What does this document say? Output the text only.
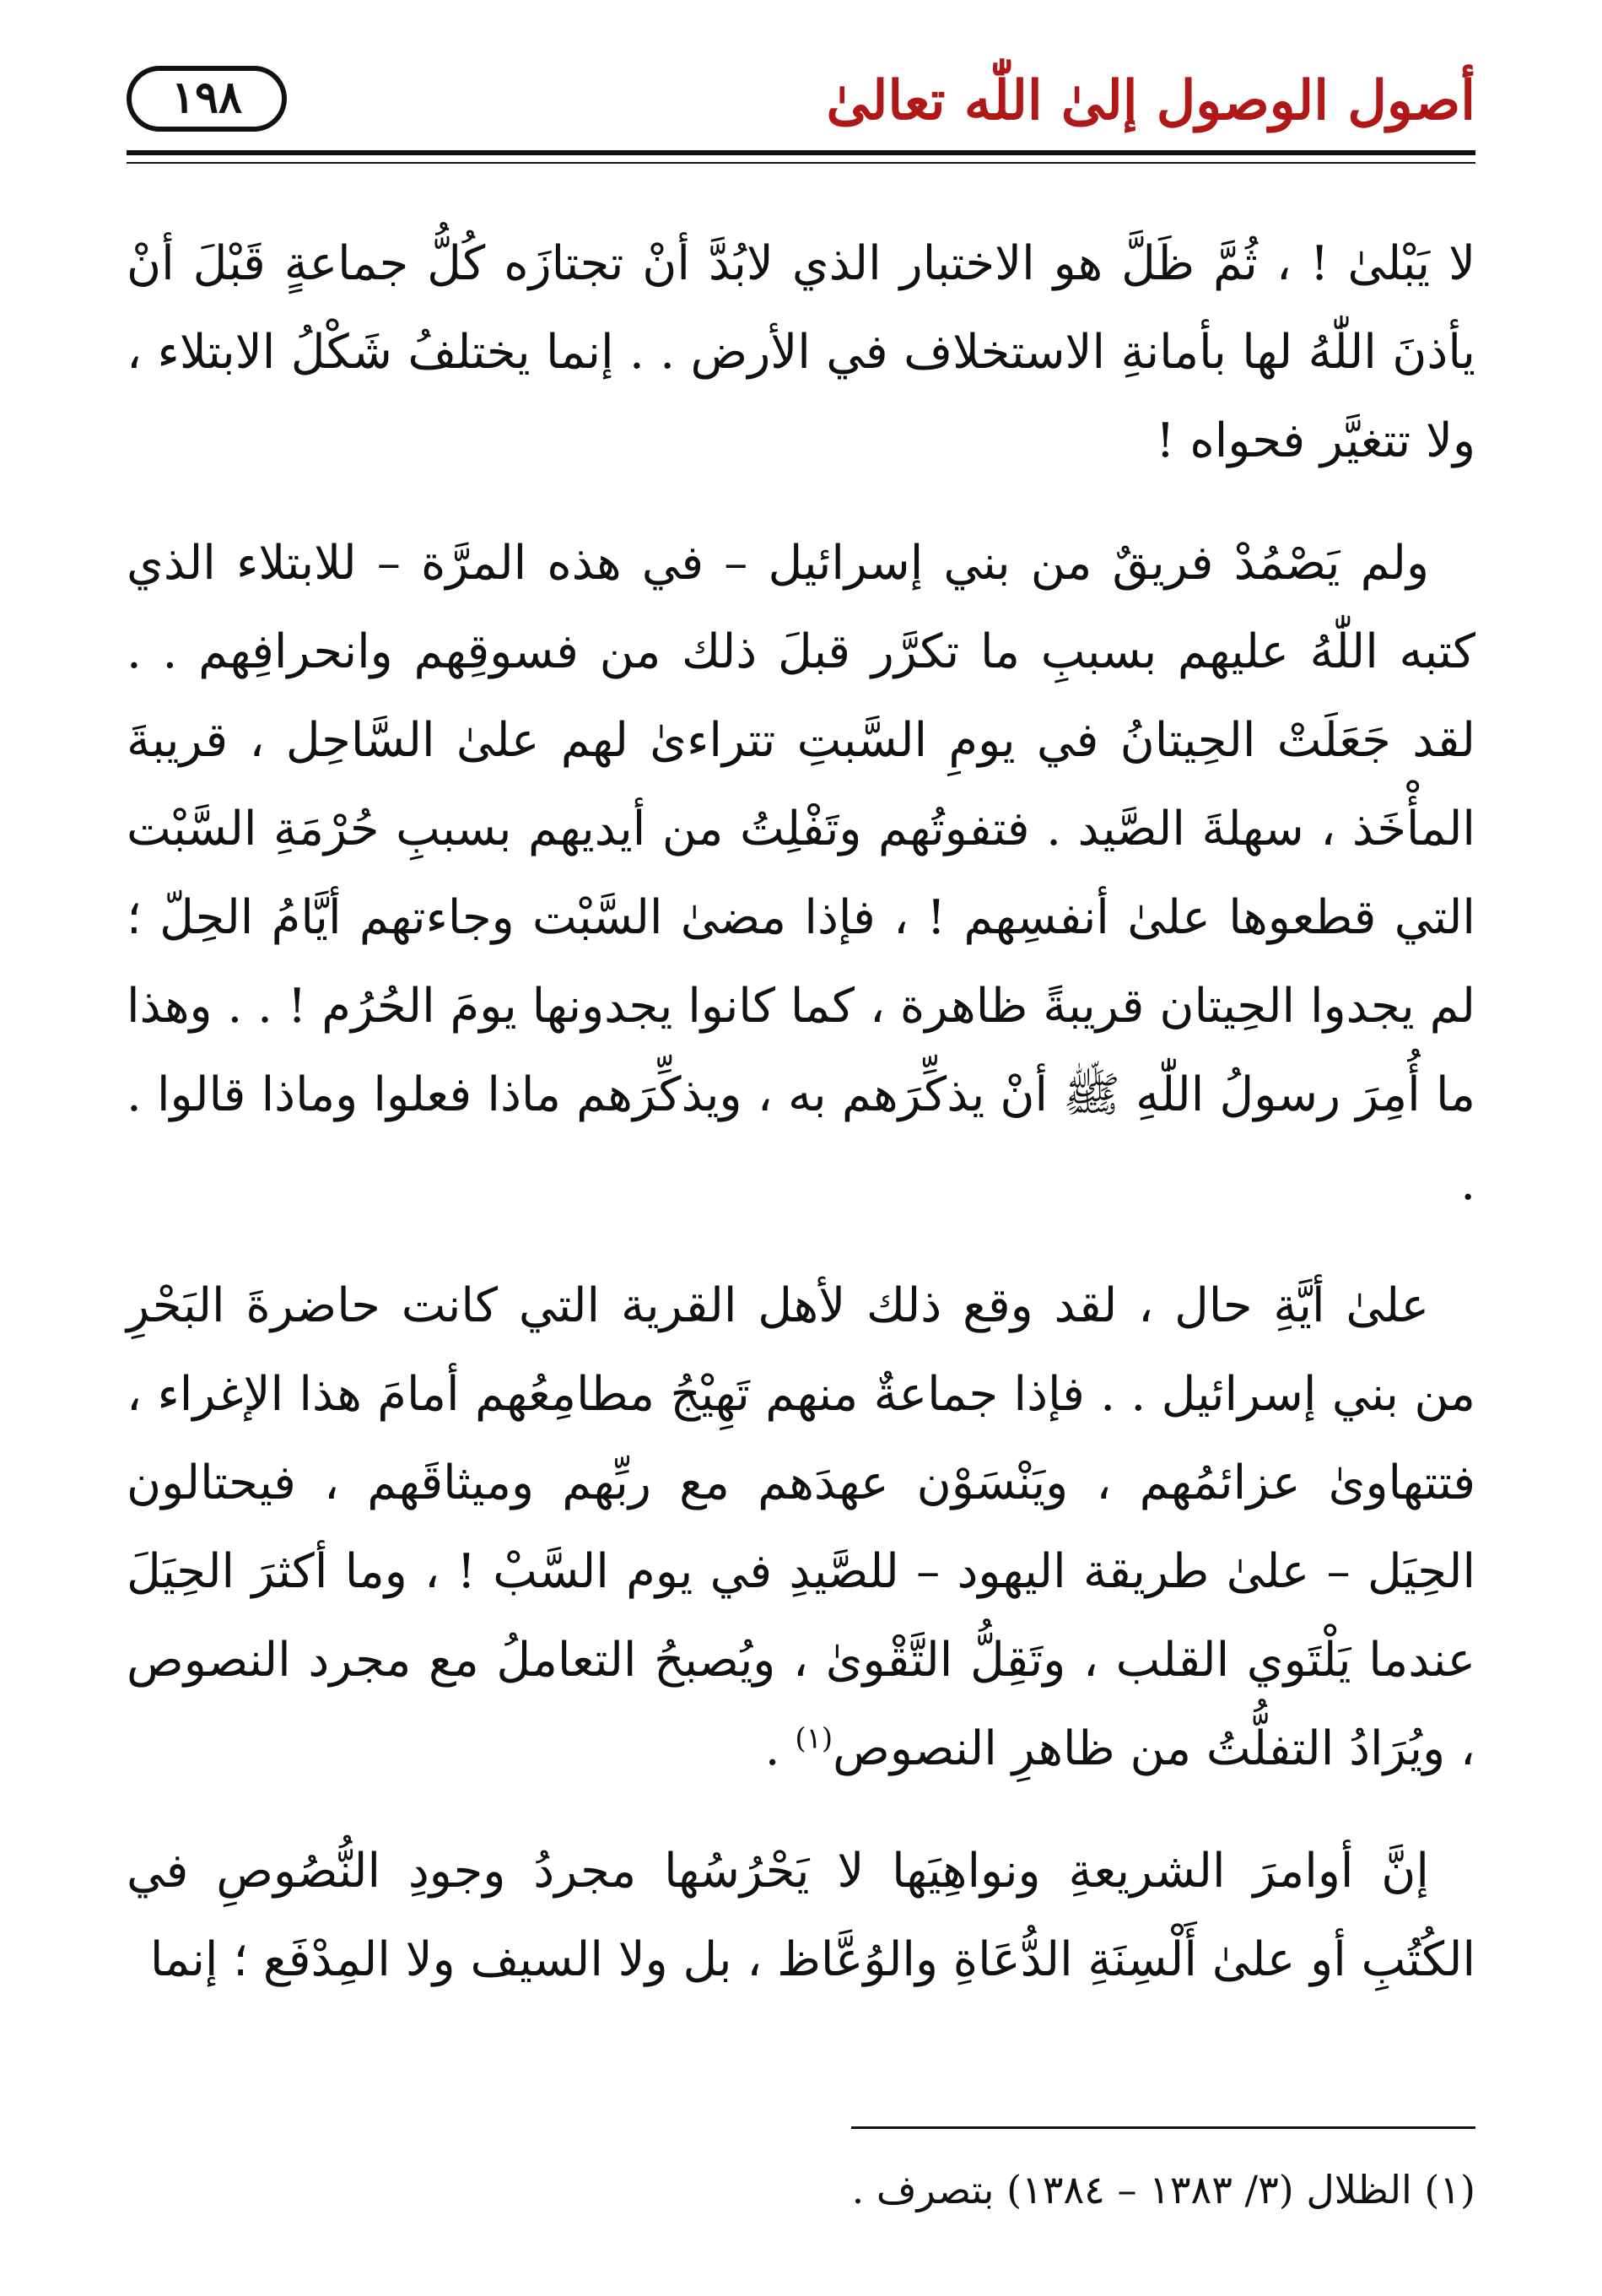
أصول الوصول إلىٰ اللّٰه تعالىٰ
١٩٨

لا يَبْلىٰ ! ، ثُمَّ ظَلَّ هو الاختبار الذي لابُدَّ أنْ تجتازَه كُلُّ جماعةٍ قَبْلَ أنْ يأذنَ اللّٰهُ لها بأمانةِ الاستخلاف في الأرض . . إنما يختلفُ شَكْلُ الابتلاء ، ولا تتغيَّر فحواه !

ولم يَصْمُدْ فريقٌ من بني إسرائيل – في هذه المرَّة – للابتلاء الذي كتبه اللّٰهُ عليهم بسببِ ما تكرَّر قبلَ ذلك من فسوقِهم وانحرافِهم . . لقد جَعَلَتْ الحِيتانُ في يومِ السَّبتِ تتراءىٰ لهم علىٰ السَّاحِل ، قريبةَ المأْخَذ ، سهلةَ الصَّيد . فتفوتُهم وتَفْلِتُ من أيديهم بسببِ حُرْمَةِ السَّبْت التي قطعوها علىٰ أنفسِهم ! ، فإذا مضىٰ السَّبْت وجاءتهم أيَّامُ الحِلّ ؛ لم يجدوا الحِيتان قريبةً ظاهرة ، كما كانوا يجدونها يومَ الحُرُم ! . . وهذا ما أُمِرَ رسولُ اللّٰهِ ﷺ أنْ يذكِّرَهم به ، ويذكِّرَهم ماذا فعلوا وماذا قالوا . .

علىٰ أيَّةِ حال ، لقد وقع ذلك لأهل القرية التي كانت حاضرةَ البَحْرِ من بني إسرائيل . . فإذا جماعةٌ منهم تَهِيْجُ مطامِعُهم أمامَ هذا الإغراء ، فتتهاوىٰ عزائمُهم ، ويَنْسَوْن عهدَهم مع ربِّهم وميثاقَهم ، فيحتالون الحِيَل – علىٰ طريقة اليهود – للصَّيدِ في يوم السَّبْ ! ، وما أكثرَ الحِيَلَ عندما يَلْتَوي القلب ، وتَقِلُّ التَّقْوىٰ ، ويُصبحُ التعاملُ مع مجرد النصوص ، ويُرَادُ التفلُّتُ من ظاهرِ النصوص$^{(١)}$ .

إنَّ أوامرَ الشريعةِ ونواهِيَها لا يَحْرُسُها مجردُ وجودِ النُّصُوصِ في الكُتُبِ أو علىٰ أَلْسِنَةِ الدُّعَاةِ والوُعَّاظ ، بل ولا السيف ولا المِدْفَع ؛ إنما

(١) الظلال (٣/ ١٣٨٣ – ١٣٨٤) بتصرف .
